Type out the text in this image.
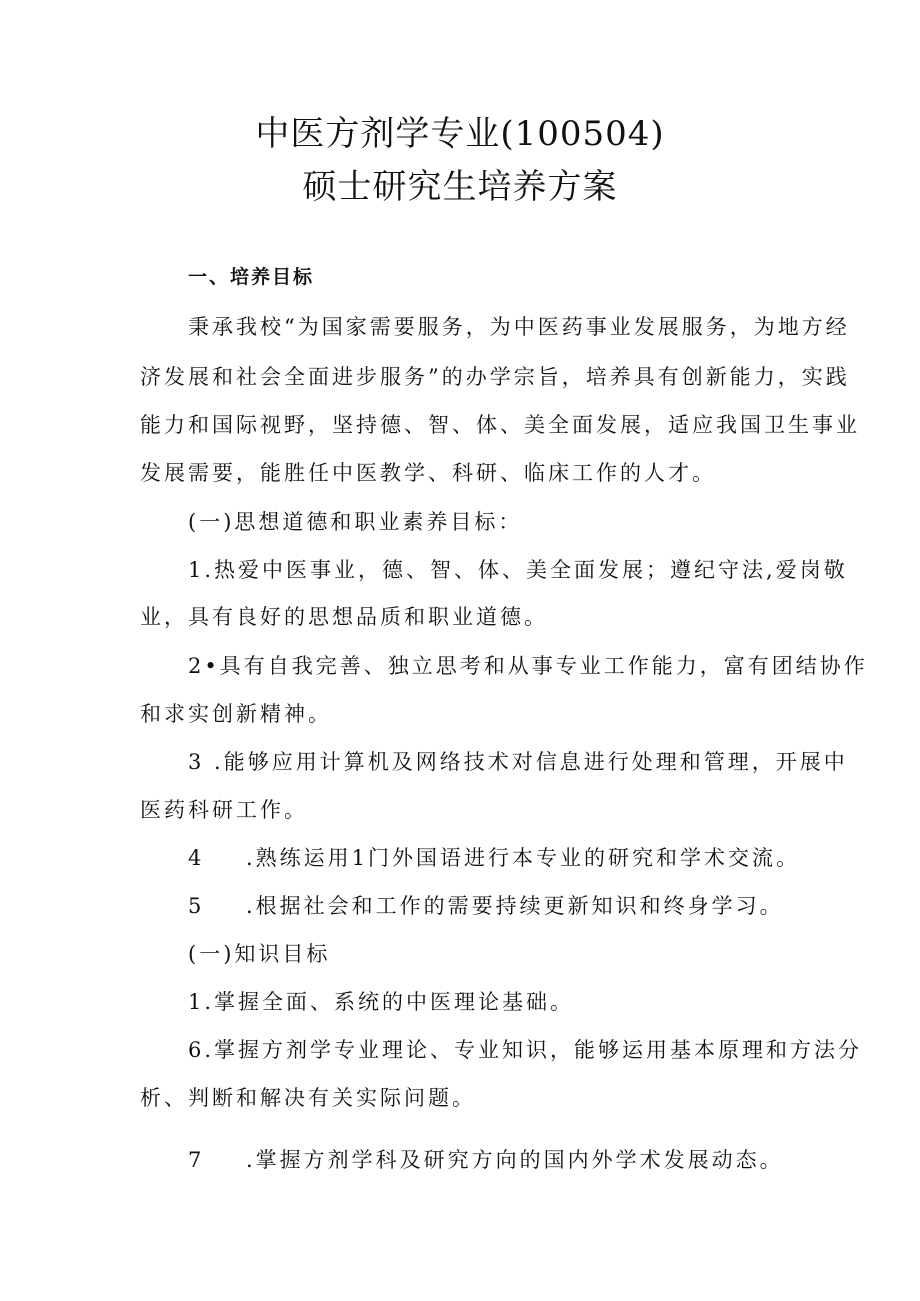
中医方剂学专业(100504)
硕士研究生培养方案
一、培养目标
秉承我校“为国家需要服务，为中医药事业发展服务，为地方经
济发展和社会全面进步服务”的办学宗旨，培养具有创新能力，实践
能力和国际视野，坚持德、智、体、美全面发展，适应我国卫生事业
发展需要，能胜任中医教学、科研、临床工作的人才。
(一)思想道德和职业素养目标：
1.热爱中医事业，德、智、体、美全面发展；遵纪守法,爱岗敬
业，具有良好的思想品质和职业道德。
2•具有自我完善、独立思考和从事专业工作能力，富有团结协作
和求实创新精神。
3 .能够应用计算机及网络技术对信息进行处理和管理，开展中
医药科研工作。
4 .熟练运用1门外国语进行本专业的研究和学术交流。
5 .根据社会和工作的需要持续更新知识和终身学习。
(一)知识目标
1.掌握全面、系统的中医理论基础。
6.掌握方剂学专业理论、专业知识，能够运用基本原理和方法分
析、判断和解决有关实际问题。
7 .掌握方剂学科及研究方向的国内外学术发展动态。
